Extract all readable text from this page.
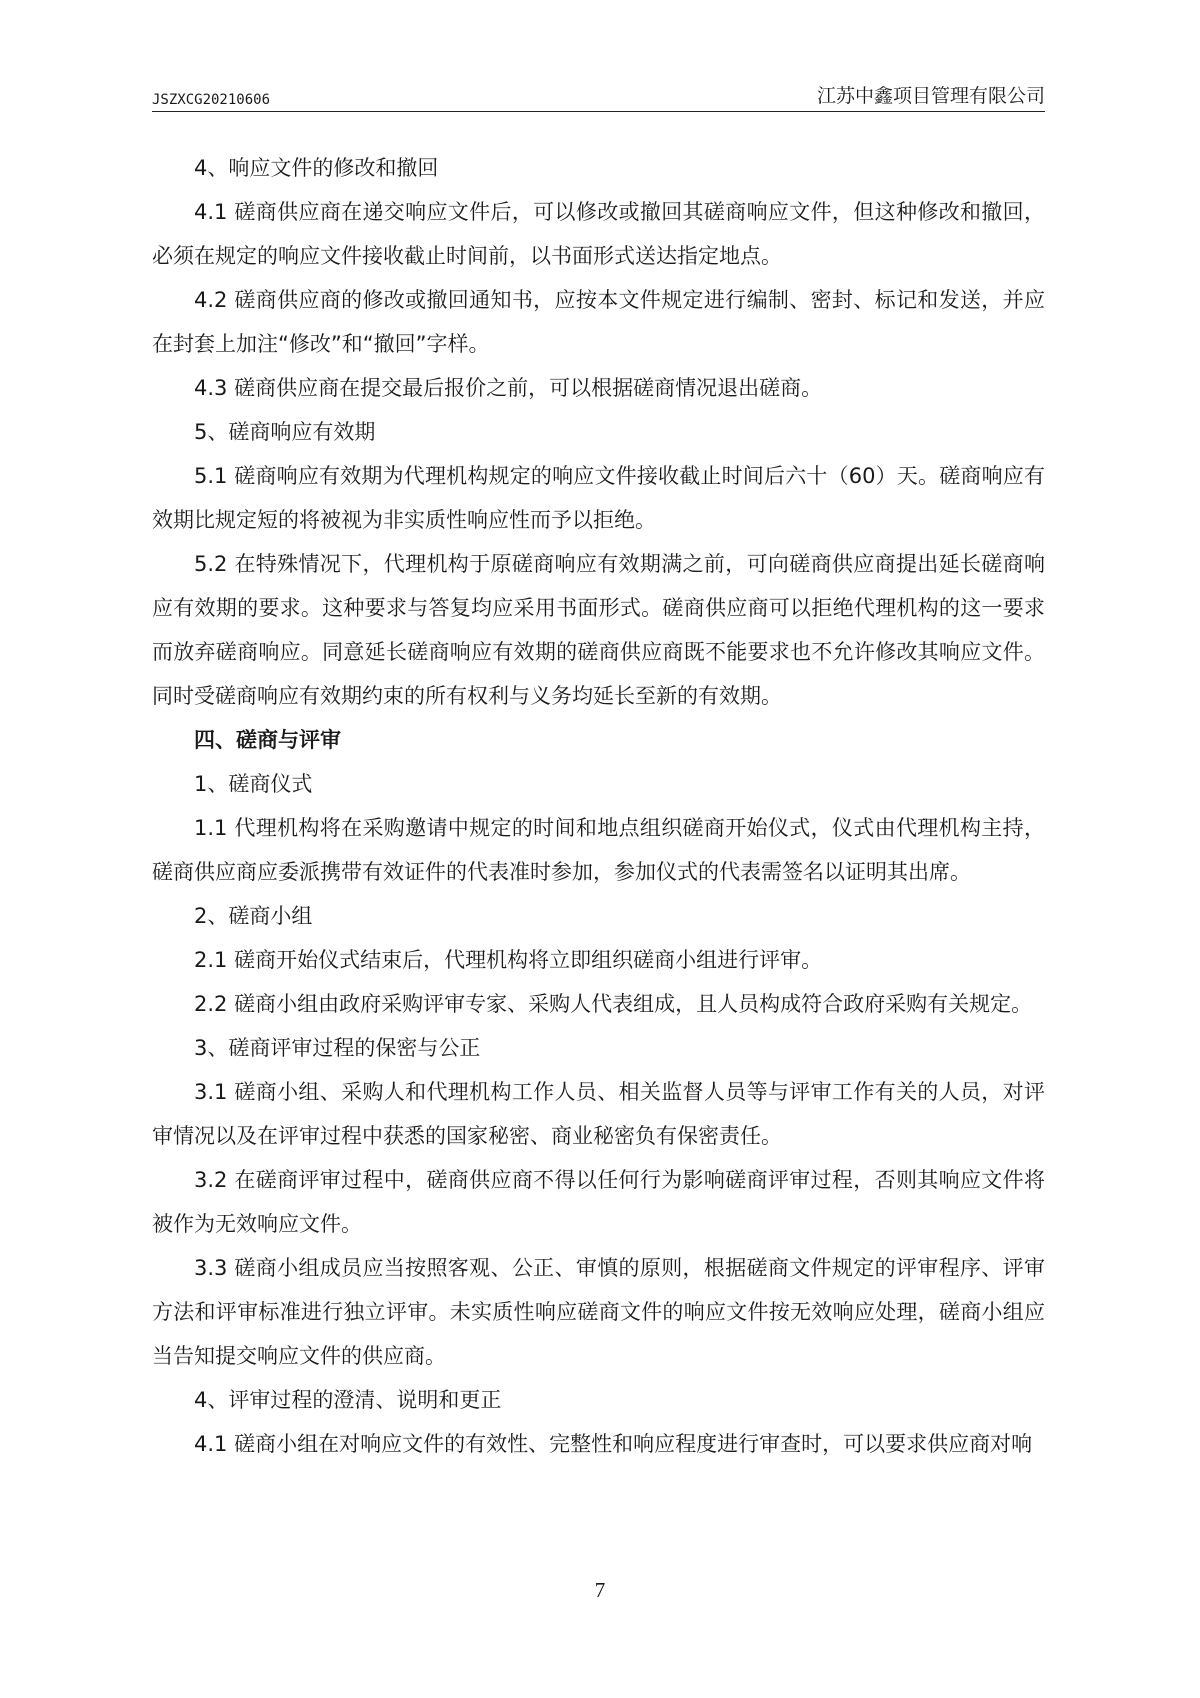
JSZXCG20210606	江苏中鑫项目管理有限公司

4、响应文件的修改和撤回

4.1 磋商供应商在递交响应文件后，可以修改或撤回其磋商响应文件，但这种修改和撤回，必须在规定的响应文件接收截止时间前，以书面形式送达指定地点。

4.2 磋商供应商的修改或撤回通知书，应按本文件规定进行编制、密封、标记和发送，并应在封套上加注“修改”和“撤回”字样。

4.3 磋商供应商在提交最后报价之前，可以根据磋商情况退出磋商。

5、磋商响应有效期

5.1 磋商响应有效期为代理机构规定的响应文件接收截止时间后六十（60）天。磋商响应有效期比规定短的将被视为非实质性响应性而予以拒绝。

5.2 在特殊情况下，代理机构于原磋商响应有效期满之前，可向磋商供应商提出延长磋商响应有效期的要求。这种要求与答复均应采用书面形式。磋商供应商可以拒绝代理机构的这一要求而放弃磋商响应。同意延长磋商响应有效期的磋商供应商既不能要求也不允许修改其响应文件。同时受磋商响应有效期约束的所有权利与义务均延长至新的有效期。

四、磋商与评审

1、磋商仪式

1.1 代理机构将在采购邀请中规定的时间和地点组织磋商开始仪式，仪式由代理机构主持，磋商供应商应委派携带有效证件的代表准时参加，参加仪式的代表需签名以证明其出席。

2、磋商小组

2.1 磋商开始仪式结束后，代理机构将立即组织磋商小组进行评审。

2.2 磋商小组由政府采购评审专家、采购人代表组成，且人员构成符合政府采购有关规定。

3、磋商评审过程的保密与公正

3.1 磋商小组、采购人和代理机构工作人员、相关监督人员等与评审工作有关的人员，对评审情况以及在评审过程中获悉的国家秘密、商业秘密负有保密责任。

3.2 在磋商评审过程中，磋商供应商不得以任何行为影响磋商评审过程，否则其响应文件将被作为无效响应文件。

3.3 磋商小组成员应当按照客观、公正、审慎的原则，根据磋商文件规定的评审程序、评审方法和评审标准进行独立评审。未实质性响应磋商文件的响应文件按无效响应处理，磋商小组应当告知提交响应文件的供应商。

4、评审过程的澄清、说明和更正

4.1 磋商小组在对响应文件的有效性、完整性和响应程度进行审查时，可以要求供应商对响

7
